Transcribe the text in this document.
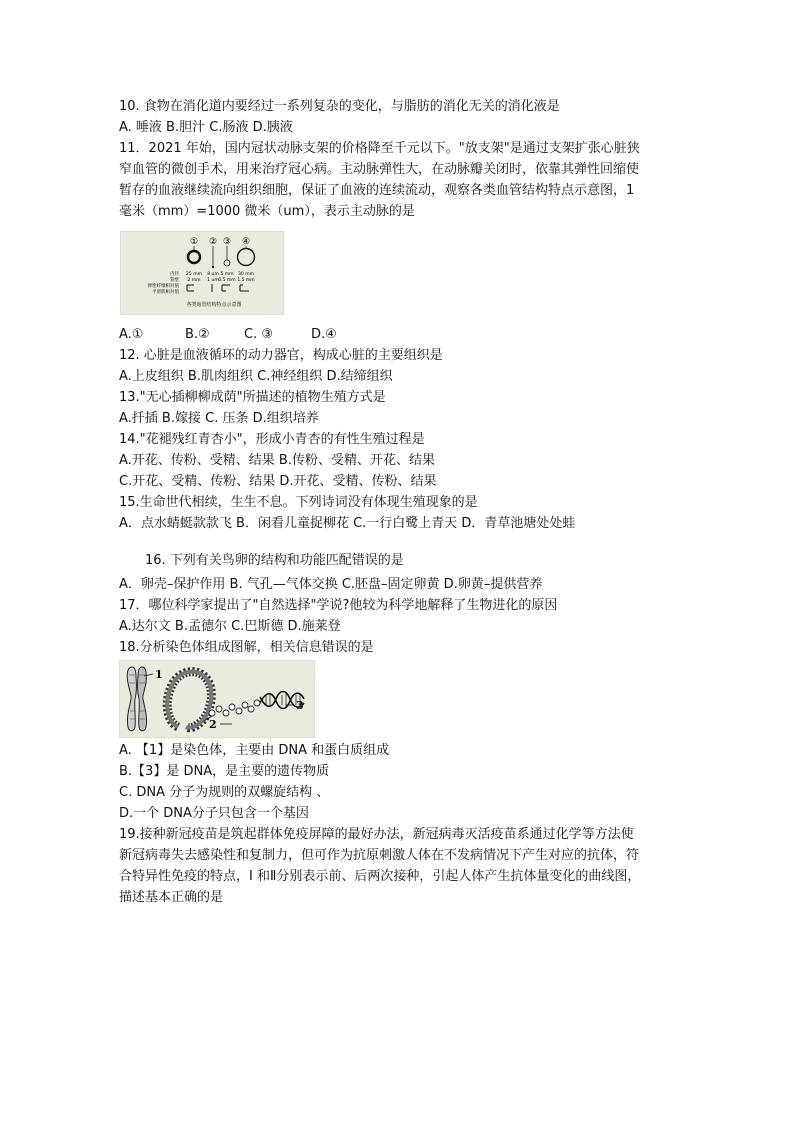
10. 食物在消化道内要经过一系列复杂的变化，与脂肪的消化无关的消化液是
A. 唾液 B.胆汁 C.肠液 D.胰液
11．2021 年始，国内冠状动脉支架的价格降至千元以下。"放支架"是通过支架扩张心脏狭
窄血管的微创手术，用来治疗冠心病。主动脉弹性大，在动脉瓣关闭时，依靠其弹性回缩使
暂存的血液继续流向组织细胞，保证了血液的连续流动，观察各类血管结构特点示意图，1
毫米（mm）=1000 微米（um），表示主动脉的是
① ② ③ ④
内径
管壁
弹性纤维相对值
平滑肌相对值
25 mm 8 um 5 mm 30 mm
2 mm 1 um 0.5 mm 1.5 mm
各类血管结构特点示意图
A.①	B.②	C. ③	D.④
12. 心脏是血液循环的动力器官，构成心脏的主要组织是
A.上皮组织 B.肌肉组织 C.神经组织 D.结缔组织
13."无心插柳柳成荫"所描述的植物生殖方式是
A.扦插 B.嫁接 C. 压条 D.组织培养
14."花褪残红青杏小"，形成小青杏的有性生殖过程是
A.开花、传粉、受精、结果 B.传粉、受精、开花、结果
C.开花、受精、传粉、结果 D.开花、受精、传粉、结果
15.生命世代相续，生生不息。下列诗词没有体现生殖现象的是
A．点水蜻蜓款款飞 B．闲看儿童捉柳花 C.一行白鹭上青天 D．青草池塘处处蛙
16. 下列有关鸟卵的结构和功能匹配错误的是
A．卵壳–保护作用 B. 气孔—气体交换 C.胚盘–固定卵黄 D.卵黄–提供营养
17．哪位科学家提出了"自然选择"学说?他较为科学地解释了生物进化的原因
A.达尔文 B.孟德尔 C.巴斯德 D.施莱登
18.分析染色体组成图解，相关信息错误的是
1
2
3
A. 【1】是染色体，主要由 DNA 和蛋白质组成
B.【3】是 DNA，是主要的遗传物质
C. DNA 分子为规则的双螺旋结构 、
D.一个 DNA分子只包含一个基因
19.接种新冠疫苗是筑起群体免疫屏障的最好办法，新冠病毒灭活疫苗系通过化学等方法使
新冠病毒失去感染性和复制力，但可作为抗原刺激人体在不发病情况下产生对应的抗体，符
合特异性免疫的特点，I 和Ⅱ分别表示前、后两次接种，引起人体产生抗体量变化的曲线图，
描述基本正确的是
